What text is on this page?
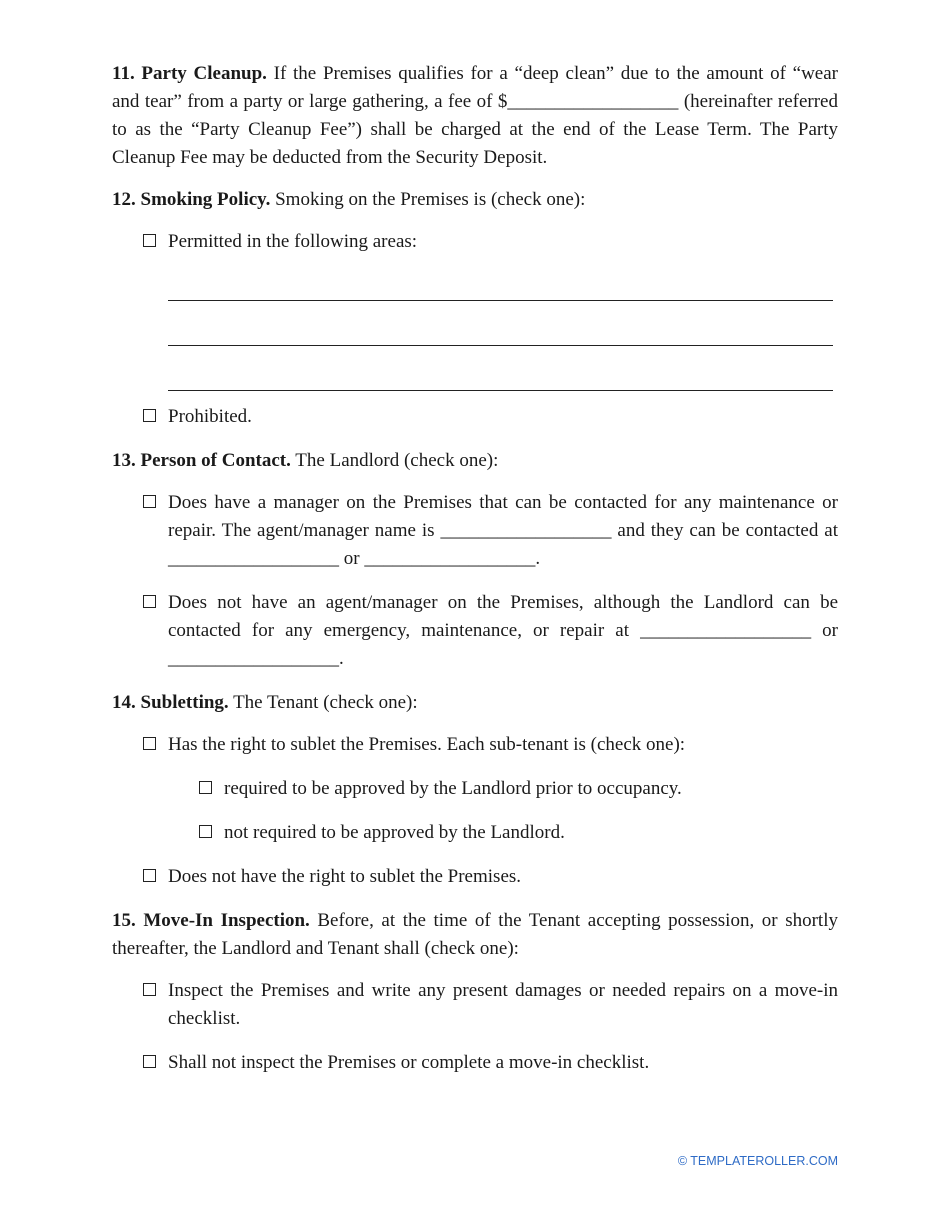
11. Party Cleanup. If the Premises qualifies for a “deep clean” due to the amount of “wear and tear” from a party or large gathering, a fee of $__________________ (hereinafter referred to as the “Party Cleanup Fee”) shall be charged at the end of the Lease Term. The Party Cleanup Fee may be deducted from the Security Deposit.

12. Smoking Policy. Smoking on the Premises is (check one):

Permitted in the following areas:

Prohibited.

13. Person of Contact. The Landlord (check one):

Does have a manager on the Premises that can be contacted for any maintenance or repair. The agent/manager name is __________________ and they can be contacted at __________________ or __________________.

Does not have an agent/manager on the Premises, although the Landlord can be contacted for any emergency, maintenance, or repair at __________________ or __________________.

14. Subletting. The Tenant (check one):

Has the right to sublet the Premises. Each sub-tenant is (check one):

required to be approved by the Landlord prior to occupancy.

not required to be approved by the Landlord.

Does not have the right to sublet the Premises.

15. Move-In Inspection. Before, at the time of the Tenant accepting possession, or shortly thereafter, the Landlord and Tenant shall (check one):

Inspect the Premises and write any present damages or needed repairs on a move-in checklist.

Shall not inspect the Premises or complete a move-in checklist.

© TEMPLATEROLLER.COM
